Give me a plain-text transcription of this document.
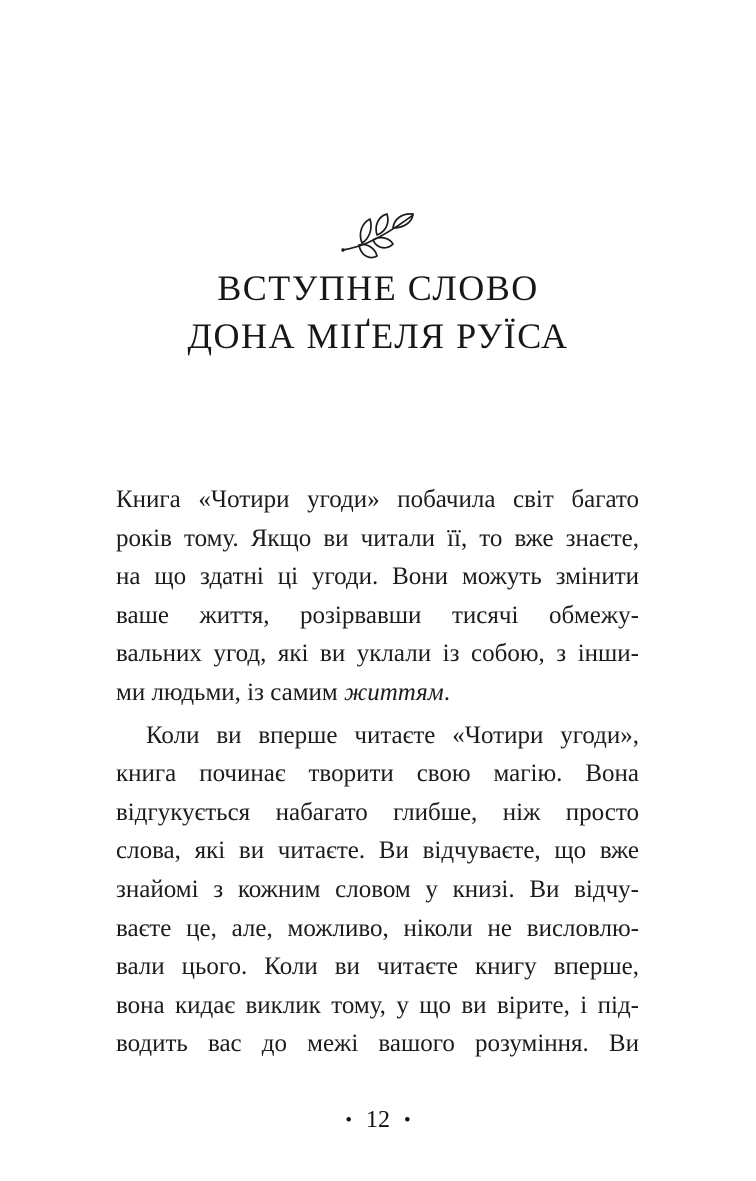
ВСТУПНЕ СЛОВО
ДОНА МІҐЕЛЯ РУЇСА
Книга «Чотири угоди» побачила світ багато
років тому. Якщо ви читали її, то вже знаєте,
на що здатні ці угоди. Вони можуть змінити
ваше життя, розірвавши тисячі обмежу-
вальних угод, які ви уклали із собою, з інши-
ми людьми, із самим життям.
Коли ви вперше читаєте «Чотири угоди»,
книга починає творити свою магію. Вона
відгукується набагато глибше, ніж просто
слова, які ви читаєте. Ви відчуваєте, що вже
знайомі з кожним словом у книзі. Ви відчу-
ваєте це, але, можливо, ніколи не висловлю-
вали цього. Коли ви читаєте книгу вперше,
вона кидає виклик тому, у що ви вірите, і під-
водить вас до межі вашого розуміння. Ви
• 12 •
